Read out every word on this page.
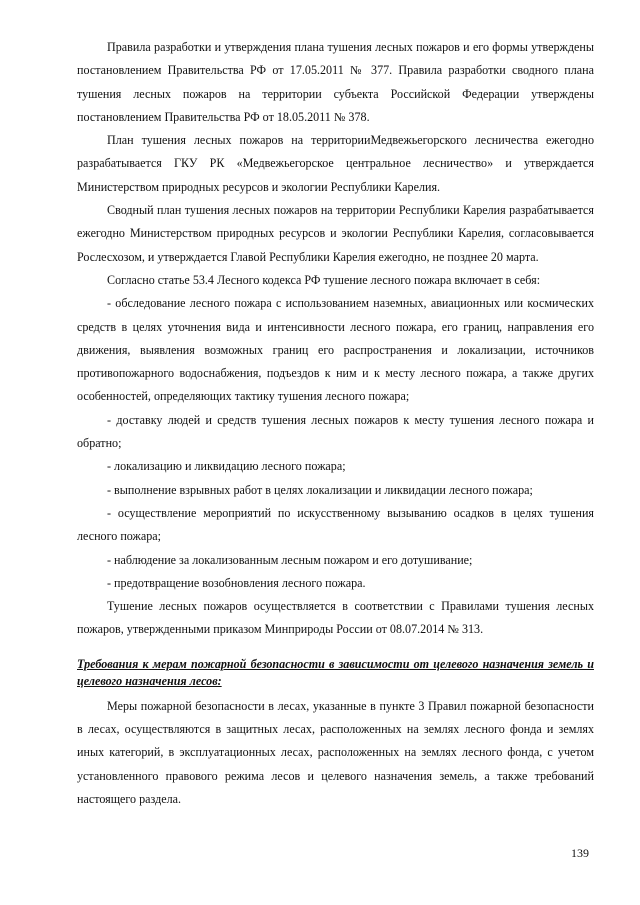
Правила разработки и утверждения плана тушения лесных пожаров и его формы утверждены постановлением Правительства РФ от 17.05.2011 № 377. Правила разработки сводного плана тушения лесных пожаров на территории субъекта Российской Федерации утверждены постановлением Правительства РФ от 18.05.2011 № 378.

План тушения лесных пожаров на территорииМедвежьегорского лесничества ежегодно разрабатывается ГКУ РК «Медвежьегорское центральное лесничество» и утверждается Министерством природных ресурсов и экологии Республики Карелия.

Сводный план тушения лесных пожаров на территории Республики Карелия разрабатывается ежегодно Министерством природных ресурсов и экологии Республики Карелия, согласовывается Рослесхозом, и утверждается Главой Республики Карелия ежегодно, не позднее 20 марта.

Согласно статье 53.4 Лесного кодекса РФ тушение лесного пожара включает в себя:

- обследование лесного пожара с использованием наземных, авиационных или космических средств в целях уточнения вида и интенсивности лесного пожара, его границ, направления его движения, выявления возможных границ его распространения и локализации, источников противопожарного водоснабжения, подъездов к ним и к месту лесного пожара, а также других особенностей, определяющих тактику тушения лесного пожара;

- доставку людей и средств тушения лесных пожаров к месту тушения лесного пожара и обратно;

- локализацию и ликвидацию лесного пожара;

- выполнение взрывных работ в целях локализации и ликвидации лесного пожара;

- осуществление мероприятий по искусственному вызыванию осадков в целях тушения лесного пожара;

- наблюдение за локализованным лесным пожаром и его дотушивание;

- предотвращение возобновления лесного пожара.

Тушение лесных пожаров осуществляется в соответствии с Правилами тушения лесных пожаров, утвержденными приказом Минприроды России от 08.07.2014 № 313.

Требования к мерам пожарной безопасности в зависимости от целевого назначения земель и целевого назначения лесов:

Меры пожарной безопасности в лесах, указанные в пункте 3 Правил пожарной безопасности в лесах, осуществляются в защитных лесах, расположенных на землях лесного фонда и землях иных категорий, в эксплуатационных лесах, расположенных на землях лесного фонда, с учетом установленного правового режима лесов и целевого назначения земель, а также требований настоящего раздела.

139
